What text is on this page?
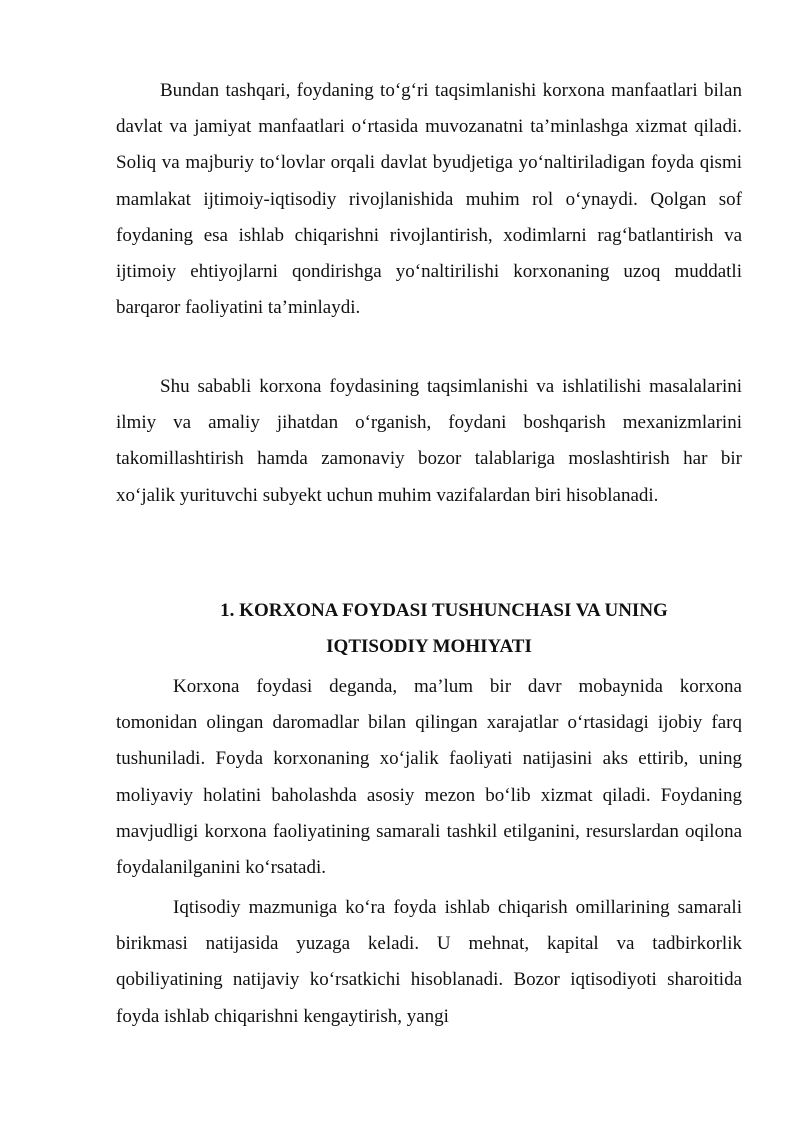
Bundan tashqari, foydaning to‘g‘ri taqsimlanishi korxona manfaatlari bilan davlat va jamiyat manfaatlari o‘rtasida muvozanatni ta’minlashga xizmat qiladi. Soliq va majburiy to‘lovlar orqali davlat byudjetiga yo‘naltiriladigan foyda qismi mamlakat ijtimoiy-iqtisodiy rivojlanishida muhim rol o‘ynaydi. Qolgan sof foydaning esa ishlab chiqarishni rivojlantirish, xodimlarni rag‘batlantirish va ijtimoiy ehtiyojlarni qondirishga yo‘naltirilishi korxonaning uzoq muddatli barqaror faoliyatini ta’minlaydi.

Shu sababli korxona foydasining taqsimlanishi va ishlatilishi masalalarini ilmiy va amaliy jihatdan o‘rganish, foydani boshqarish mexanizmlarini takomillashtirish hamda zamonaviy bozor talablariga moslashtirish har bir xo‘jalik yurituvchi subyekt uchun muhim vazifalardan biri hisoblanadi.

1. KORXONA FOYDASI TUSHUNCHASI VA UNING
IQTISODIY MOHIYATI

Korxona foydasi deganda, ma’lum bir davr mobaynida korxona tomonidan olingan daromadlar bilan qilingan xarajatlar o‘rtasidagi ijobiy farq tushuniladi. Foyda korxonaning xo‘jalik faoliyati natijasini aks ettirib, uning moliyaviy holatini baholashda asosiy mezon bo‘lib xizmat qiladi. Foydaning mavjudligi korxona faoliyatining samarali tashkil etilganini, resurslardan oqilona foydalanilganini ko‘rsatadi.

Iqtisodiy mazmuniga ko‘ra foyda ishlab chiqarish omillarining samarali birikmasi natijasida yuzaga keladi. U mehnat, kapital va tadbirkorlik qobiliyatining natijaviy ko‘rsatkichi hisoblanadi. Bozor iqtisodiyoti sharoitida foyda ishlab chiqarishni kengaytirish, yangi
